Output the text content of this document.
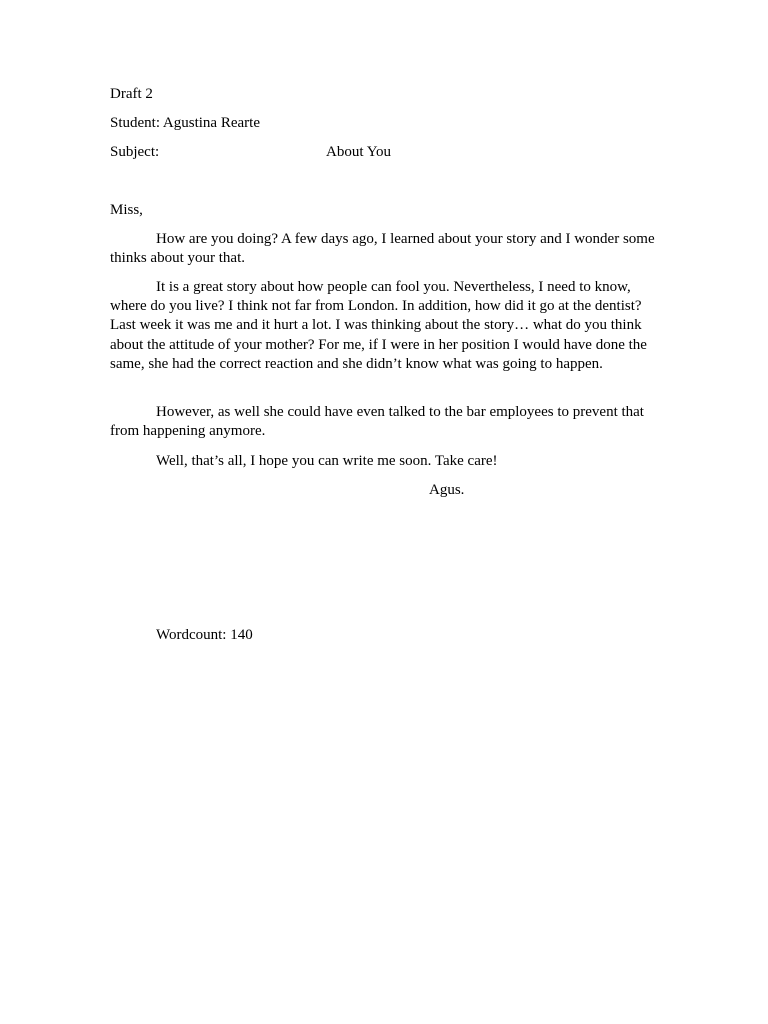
Draft 2
Student: Agustina Rearte
Subject:	About You
Miss,

How are you doing? A few days ago, I learned about your story and I wonder some thinks about your that.

It is a great story about how people can fool you. Nevertheless, I need to know, where do you live? I think not far from London. In addition, how did it go at the dentist? Last week it was me and it hurt a lot. I was thinking about the story… what do you think about the attitude of your mother? For me, if I were in her position I would have done the same, she had the correct reaction and she didn’t know what was going to happen.

However, as well she could have even talked to the bar employees to prevent that from happening anymore.

Well, that’s all, I hope you can write me soon. Take care!

Agus.
Wordcount: 140
